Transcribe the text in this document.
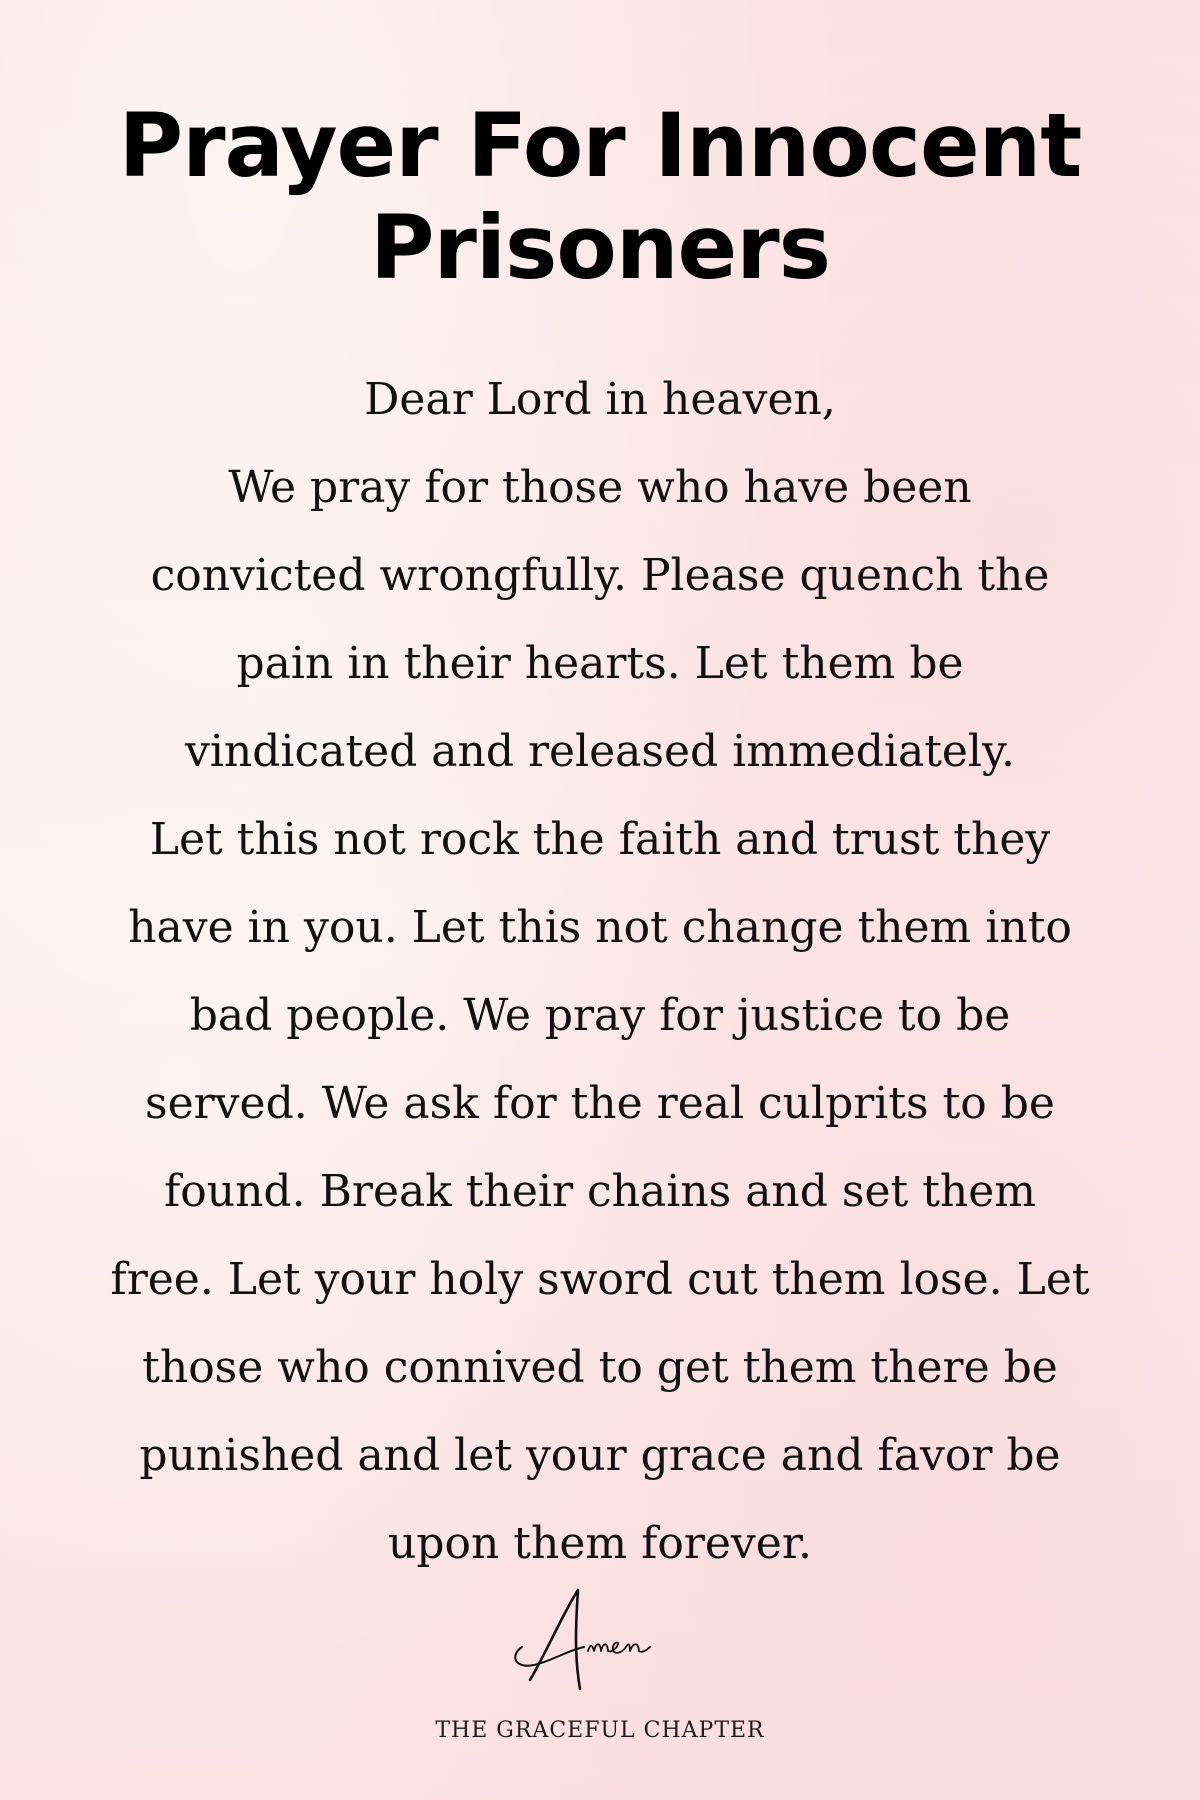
Prayer For Innocent Prisoners

Dear Lord in heaven,
We pray for those who have been
convicted wrongfully. Please quench the
pain in their hearts. Let them be
vindicated and released immediately.
Let this not rock the faith and trust they
have in you. Let this not change them into
bad people. We pray for justice to be
served. We ask for the real culprits to be
found. Break their chains and set them
free. Let your holy sword cut them lose. Let
those who connived to get them there be
punished and let your grace and favor be
upon them forever.

THE GRACEFUL CHAPTER
